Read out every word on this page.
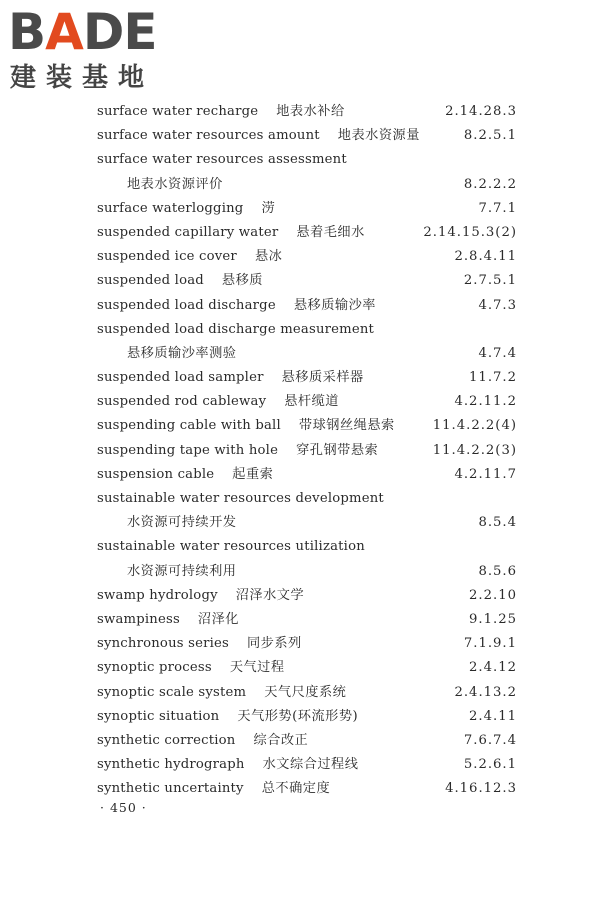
BADE
建装基地
surface water recharge 地表水补给	2.14.28.3
surface water resources amount 地表水资源量	8.2.5.1
surface water resources assessment
地表水资源评价	8.2.2.2
surface waterlogging 涝	7.7.1
suspended capillary water 悬着毛细水	2.14.15.3(2)
suspended ice cover 悬冰	2.8.4.11
suspended load 悬移质	2.7.5.1
suspended load discharge 悬移质输沙率	4.7.3
suspended load discharge measurement
悬移质输沙率测验	4.7.4
suspended load sampler 悬移质采样器	11.7.2
suspended rod cableway 悬杆缆道	4.2.11.2
suspending cable with ball 带球钢丝绳悬索	11.4.2.2(4)
suspending tape with hole 穿孔钢带悬索	11.4.2.2(3)
suspension cable 起重索	4.2.11.7
sustainable water resources development
水资源可持续开发	8.5.4
sustainable water resources utilization
水资源可持续利用	8.5.6
swamp hydrology 沼泽水文学	2.2.10
swampiness 沼泽化	9.1.25
synchronous series 同步系列	7.1.9.1
synoptic process 天气过程	2.4.12
synoptic scale system 天气尺度系统	2.4.13.2
synoptic situation 天气形势(环流形势)	2.4.11
synthetic correction 综合改正	7.6.7.4
synthetic hydrograph 水文综合过程线	5.2.6.1
synthetic uncertainty 总不确定度	4.16.12.3
· 450 ·
